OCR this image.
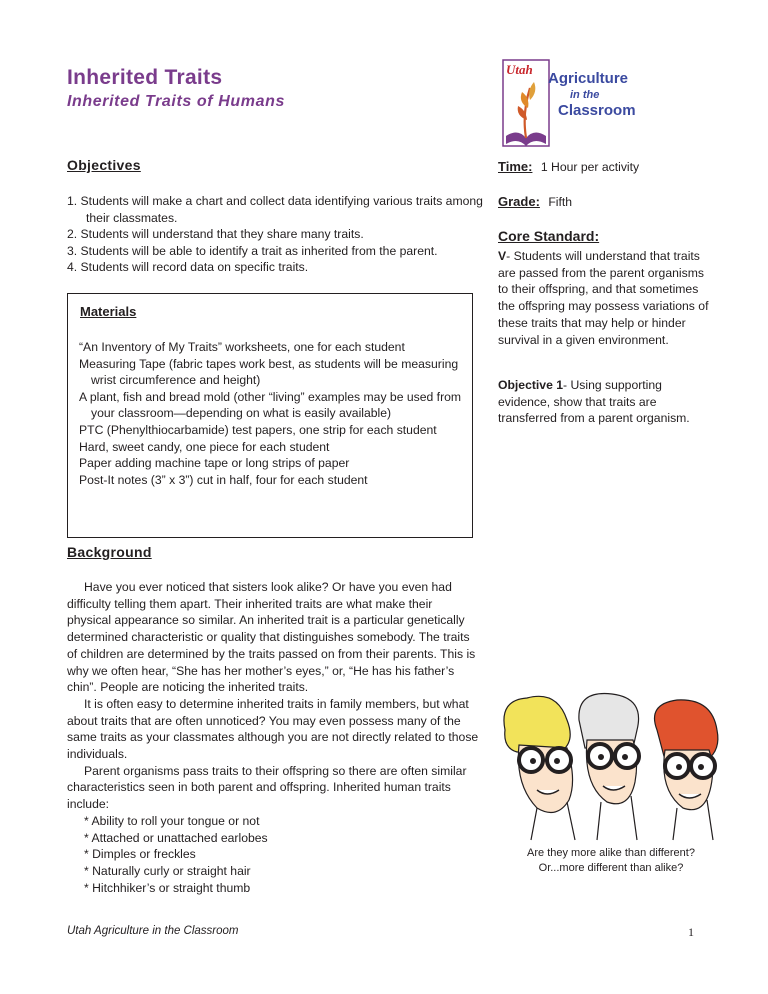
Inherited Traits
Inherited Traits of Humans
Utah
Agriculture
in the
Classroom
Objectives
1. Students will make a chart and collect data identifying various traits among their classmates.
2. Students will understand that they share many traits.
3. Students will be able to identify a trait as inherited from the parent.
4. Students will record data on specific traits.
Materials
“An Inventory of My Traits” worksheets, one for each student
Measuring Tape (fabric tapes work best, as students will be measuring wrist circumference and height)
A plant, fish and bread mold (other “living” examples may be used from your classroom—depending on what is easily available)
PTC (Phenylthiocarbamide) test papers, one strip for each student
Hard, sweet candy, one piece for each student
Paper adding machine tape or long strips of paper
Post-It notes (3” x 3”) cut in half, four for each student
Background

Have you ever noticed that sisters look alike? Or have you even had difficulty telling them apart. Their inherited traits are what make their physical appearance so similar. An inherited trait is a particular genetically determined characteristic or quality that distinguishes somebody. The traits of children are determined by the traits passed on from their parents. This is why we often hear, “She has her mother’s eyes,” or, “He has his father’s chin”. People are noticing the inherited traits.

It is often easy to determine inherited traits in family members, but what about traits that are often unnoticed? You may even possess many of the same traits as your classmates although you are not directly related to those individuals.

Parent organisms pass traits to their offspring so there are often similar characteristics seen in both parent and offspring. Inherited human traits include:

* Ability to roll your tongue or not
* Attached or unattached earlobes
* Dimples or freckles
* Naturally curly or straight hair
* Hitchhiker’s or straight thumb
Time: 1 Hour per activity
Grade: Fifth
Core Standard:
V- Students will understand that traits are passed from the parent organisms to their offspring, and that sometimes the offspring may possess variations of these traits that may help or hinder survival in a given environment.
Objective 1- Using supporting evidence, show that traits are transferred from a parent organism.
Are they more alike than different?
Or...more different than alike?
Utah Agriculture in the Classroom	1
